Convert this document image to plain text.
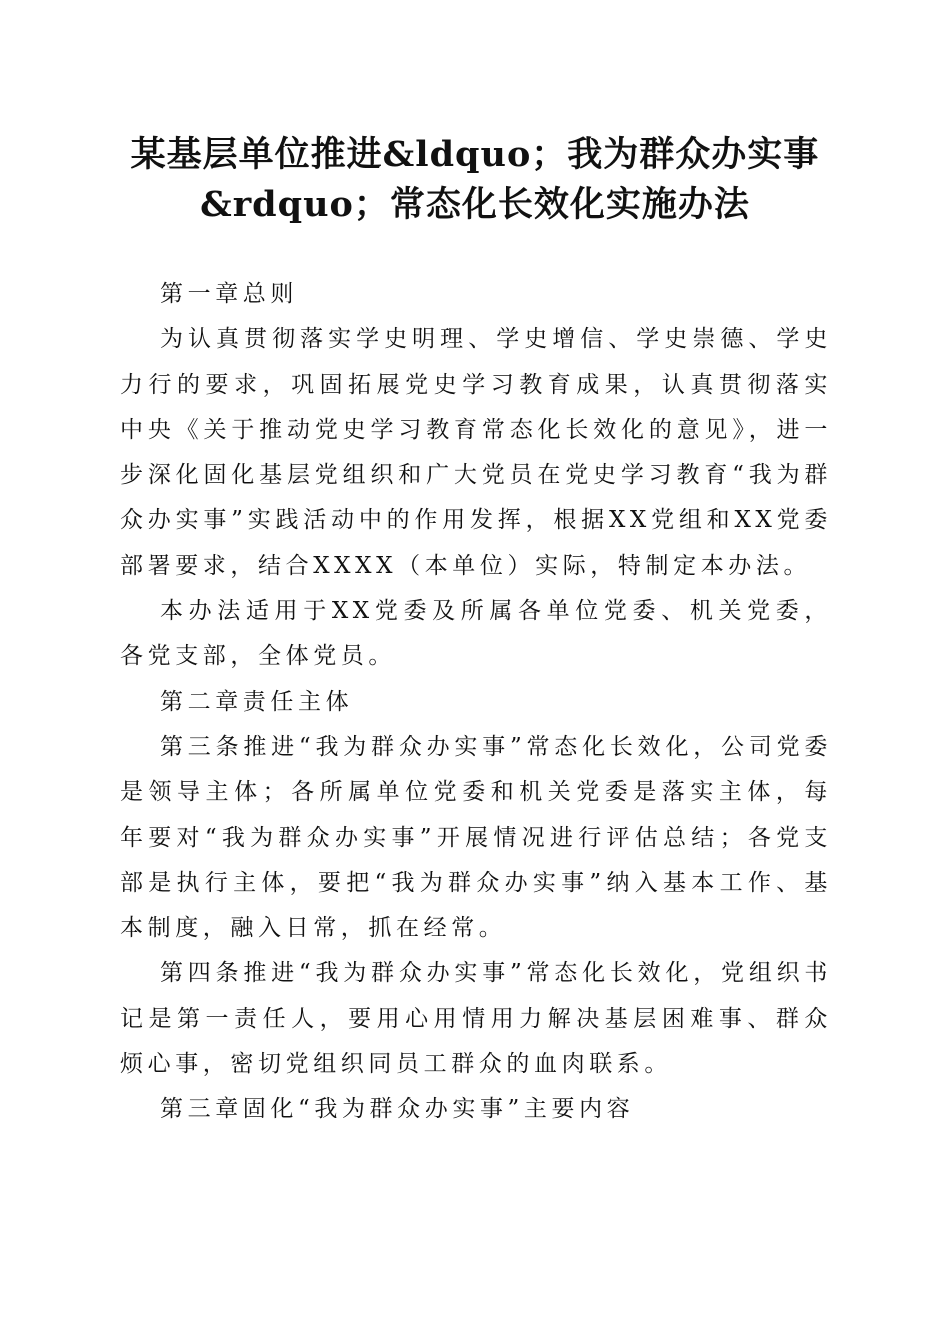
某基层单位推进&ldquo；我为群众办实事
&rdquo；常态化长效化实施办法

第一章总则

为认真贯彻落实学史明理、学史增信、学史崇德、学史力行的要求，巩固拓展党史学习教育成果，认真贯彻落实中央《关于推动党史学习教育常态化长效化的意见》，进一步深化固化基层党组织和广大党员在党史学习教育“我为群众办实事”实践活动中的作用发挥，根据XX党组和XX党委部署要求，结合XXXX（本单位）实际，特制定本办法。

本办法适用于XX党委及所属各单位党委、机关党委，各党支部，全体党员。

第二章责任主体

第三条推进“我为群众办实事”常态化长效化，公司党委是领导主体；各所属单位党委和机关党委是落实主体，每年要对“我为群众办实事”开展情况进行评估总结；各党支部是执行主体，要把“我为群众办实事”纳入基本工作、基本制度，融入日常，抓在经常。

第四条推进“我为群众办实事”常态化长效化，党组织书记是第一责任人，要用心用情用力解决基层困难事、群众烦心事，密切党组织同员工群众的血肉联系。

第三章固化“我为群众办实事”主要内容
